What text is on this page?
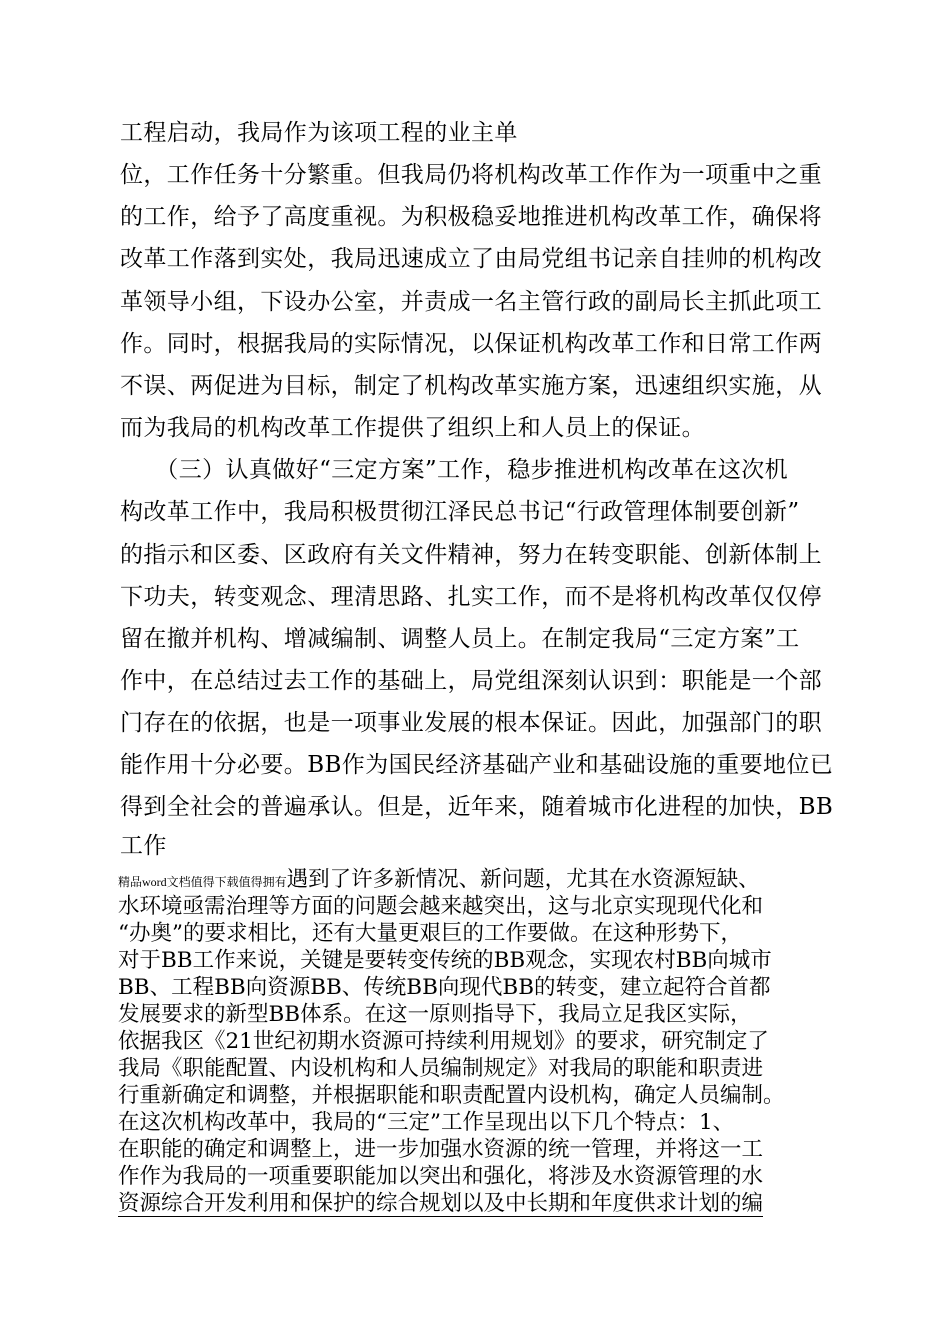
工程启动，我局作为该项工程的业主单
位，工作任务十分繁重。但我局仍将机构改革工作作为一项重中之重
的工作，给予了高度重视。为积极稳妥地推进机构改革工作，确保将
改革工作落到实处，我局迅速成立了由局党组书记亲自挂帅的机构改
革领导小组，下设办公室，并责成一名主管行政的副局长主抓此项工
作。同时，根据我局的实际情况，以保证机构改革工作和日常工作两
不误、两促进为目标，制定了机构改革实施方案，迅速组织实施，从
而为我局的机构改革工作提供了组织上和人员上的保证。
　　（三）认真做好“三定方案”工作，稳步推进机构改革在这次机
构改革工作中，我局积极贯彻江泽民总书记“行政管理体制要创新”
的指示和区委、区政府有关文件精神，努力在转变职能、创新体制上
下功夫，转变观念、理清思路、扎实工作，而不是将机构改革仅仅停
留在撤并机构、增减编制、调整人员上。在制定我局“三定方案”工
作中，在总结过去工作的基础上，局党组深刻认识到：职能是一个部
门存在的依据，也是一项事业发展的根本保证。因此，加强部门的职
能作用十分必要。BB作为国民经济基础产业和基础设施的重要地位已
得到全社会的普遍承认。但是，近年来，随着城市化进程的加快，BB
工作
精品word文档值得下载值得拥有遇到了许多新情况、新问题，尤其在水资源短缺、
水环境亟需治理等方面的问题会越来越突出，这与北京实现现代化和
“办奥”的要求相比，还有大量更艰巨的工作要做。在这种形势下，
对于BB工作来说，关键是要转变传统的BB观念，实现农村BB向城市
BB、工程BB向资源BB、传统BB向现代BB的转变，建立起符合首都
发展要求的新型BB体系。在这一原则指导下，我局立足我区实际，
依据我区《21世纪初期水资源可持续利用规划》的要求，研究制定了
我局《职能配置、内设机构和人员编制规定》对我局的职能和职责进
行重新确定和调整，并根据职能和职责配置内设机构，确定人员编制。
在这次机构改革中，我局的“三定”工作呈现出以下几个特点：1、
在职能的确定和调整上，进一步加强水资源的统一管理，并将这一工
作作为我局的一项重要职能加以突出和强化，将涉及水资源管理的水
资源综合开发利用和保护的综合规划以及中长期和年度供求计划的编
